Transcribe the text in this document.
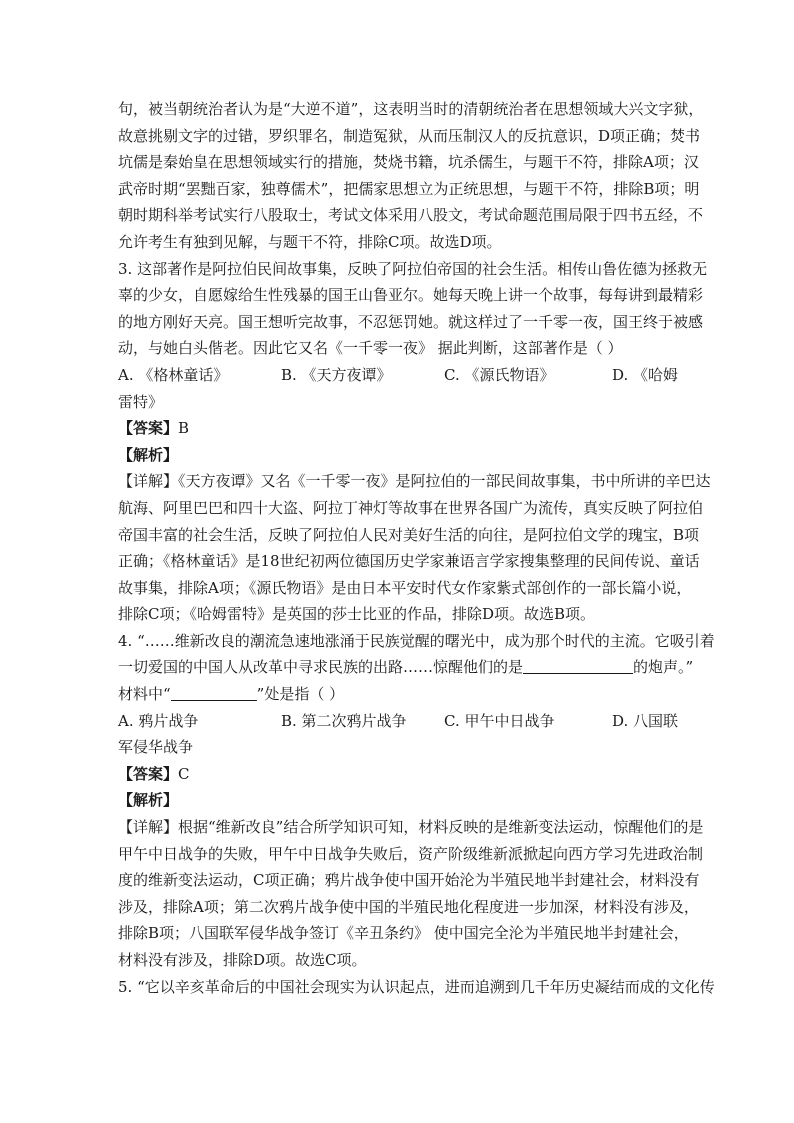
句，被当朝统治者认为是“大逆不道”，这表明当时的清朝统治者在思想领域大兴文字狱，
故意挑剔文字的过错，罗织罪名，制造冤狱，从而压制汉人的反抗意识，D项正确；焚书
坑儒是秦始皇在思想领域实行的措施，焚烧书籍，坑杀儒生，与题干不符，排除A项；汉
武帝时期“罢黜百家，独尊儒术”，把儒家思想立为正统思想，与题干不符，排除B项；明
朝时期科举考试实行八股取士，考试文体采用八股文，考试命题范围局限于四书五经，不
允许考生有独到见解，与题干不符，排除C项。故选D项。
3. 这部著作是阿拉伯民间故事集，反映了阿拉伯帝国的社会生活。相传山鲁佐德为拯救无
辜的少女，自愿嫁给生性残暴的国王山鲁亚尔。她每天晚上讲一个故事，每每讲到最精彩
的地方刚好天亮。国王想听完故事，不忍惩罚她。就这样过了一千零一夜，国王终于被感
动，与她白头偕老。因此它又名《一千零一夜》 据此判断，这部著作是（ ）
A. 《格林童话》	B. 《天方夜谭》	C. 《源氏物语》	D. 《哈姆
雷特》
【答案】B
【解析】
【详解】《天方夜谭》又名《一千零一夜》是阿拉伯的一部民间故事集，书中所讲的辛巴达
航海、阿里巴巴和四十大盗、阿拉丁神灯等故事在世界各国广为流传，真实反映了阿拉伯
帝国丰富的社会生活，反映了阿拉伯人民对美好生活的向往，是阿拉伯文学的瑰宝，B项
正确；《格林童话》是18世纪初两位德国历史学家兼语言学家搜集整理的民间传说、童话
故事集，排除A项；《源氏物语》是由日本平安时代女作家紫式部创作的一部长篇小说，
排除C项；《哈姆雷特》是英国的莎士比亚的作品，排除D项。故选B项。
4. “……维新改良的潮流急速地涨涌于民族觉醒的曙光中，成为那个时代的主流。它吸引着
一切爱国的中国人从改革中寻求民族的出路……惊醒他们的是	的炮声。”
材料中“	”处是指（ ）
A. 鸦片战争	B. 第二次鸦片战争	C. 甲午中日战争	D. 八国联
军侵华战争
【答案】C
【解析】
【详解】根据“维新改良”结合所学知识可知，材料反映的是维新变法运动，惊醒他们的是
甲午中日战争的失败，甲午中日战争失败后，资产阶级维新派掀起向西方学习先进政治制
度的维新变法运动，C项正确；鸦片战争使中国开始沦为半殖民地半封建社会，材料没有
涉及，排除A项；第二次鸦片战争使中国的半殖民地化程度进一步加深，材料没有涉及，
排除B项；八国联军侵华战争签订《辛丑条约》 使中国完全沦为半殖民地半封建社会，
材料没有涉及，排除D项。故选C项。
5. “它以辛亥革命后的中国社会现实为认识起点，进而追溯到几千年历史凝结而成的文化传
